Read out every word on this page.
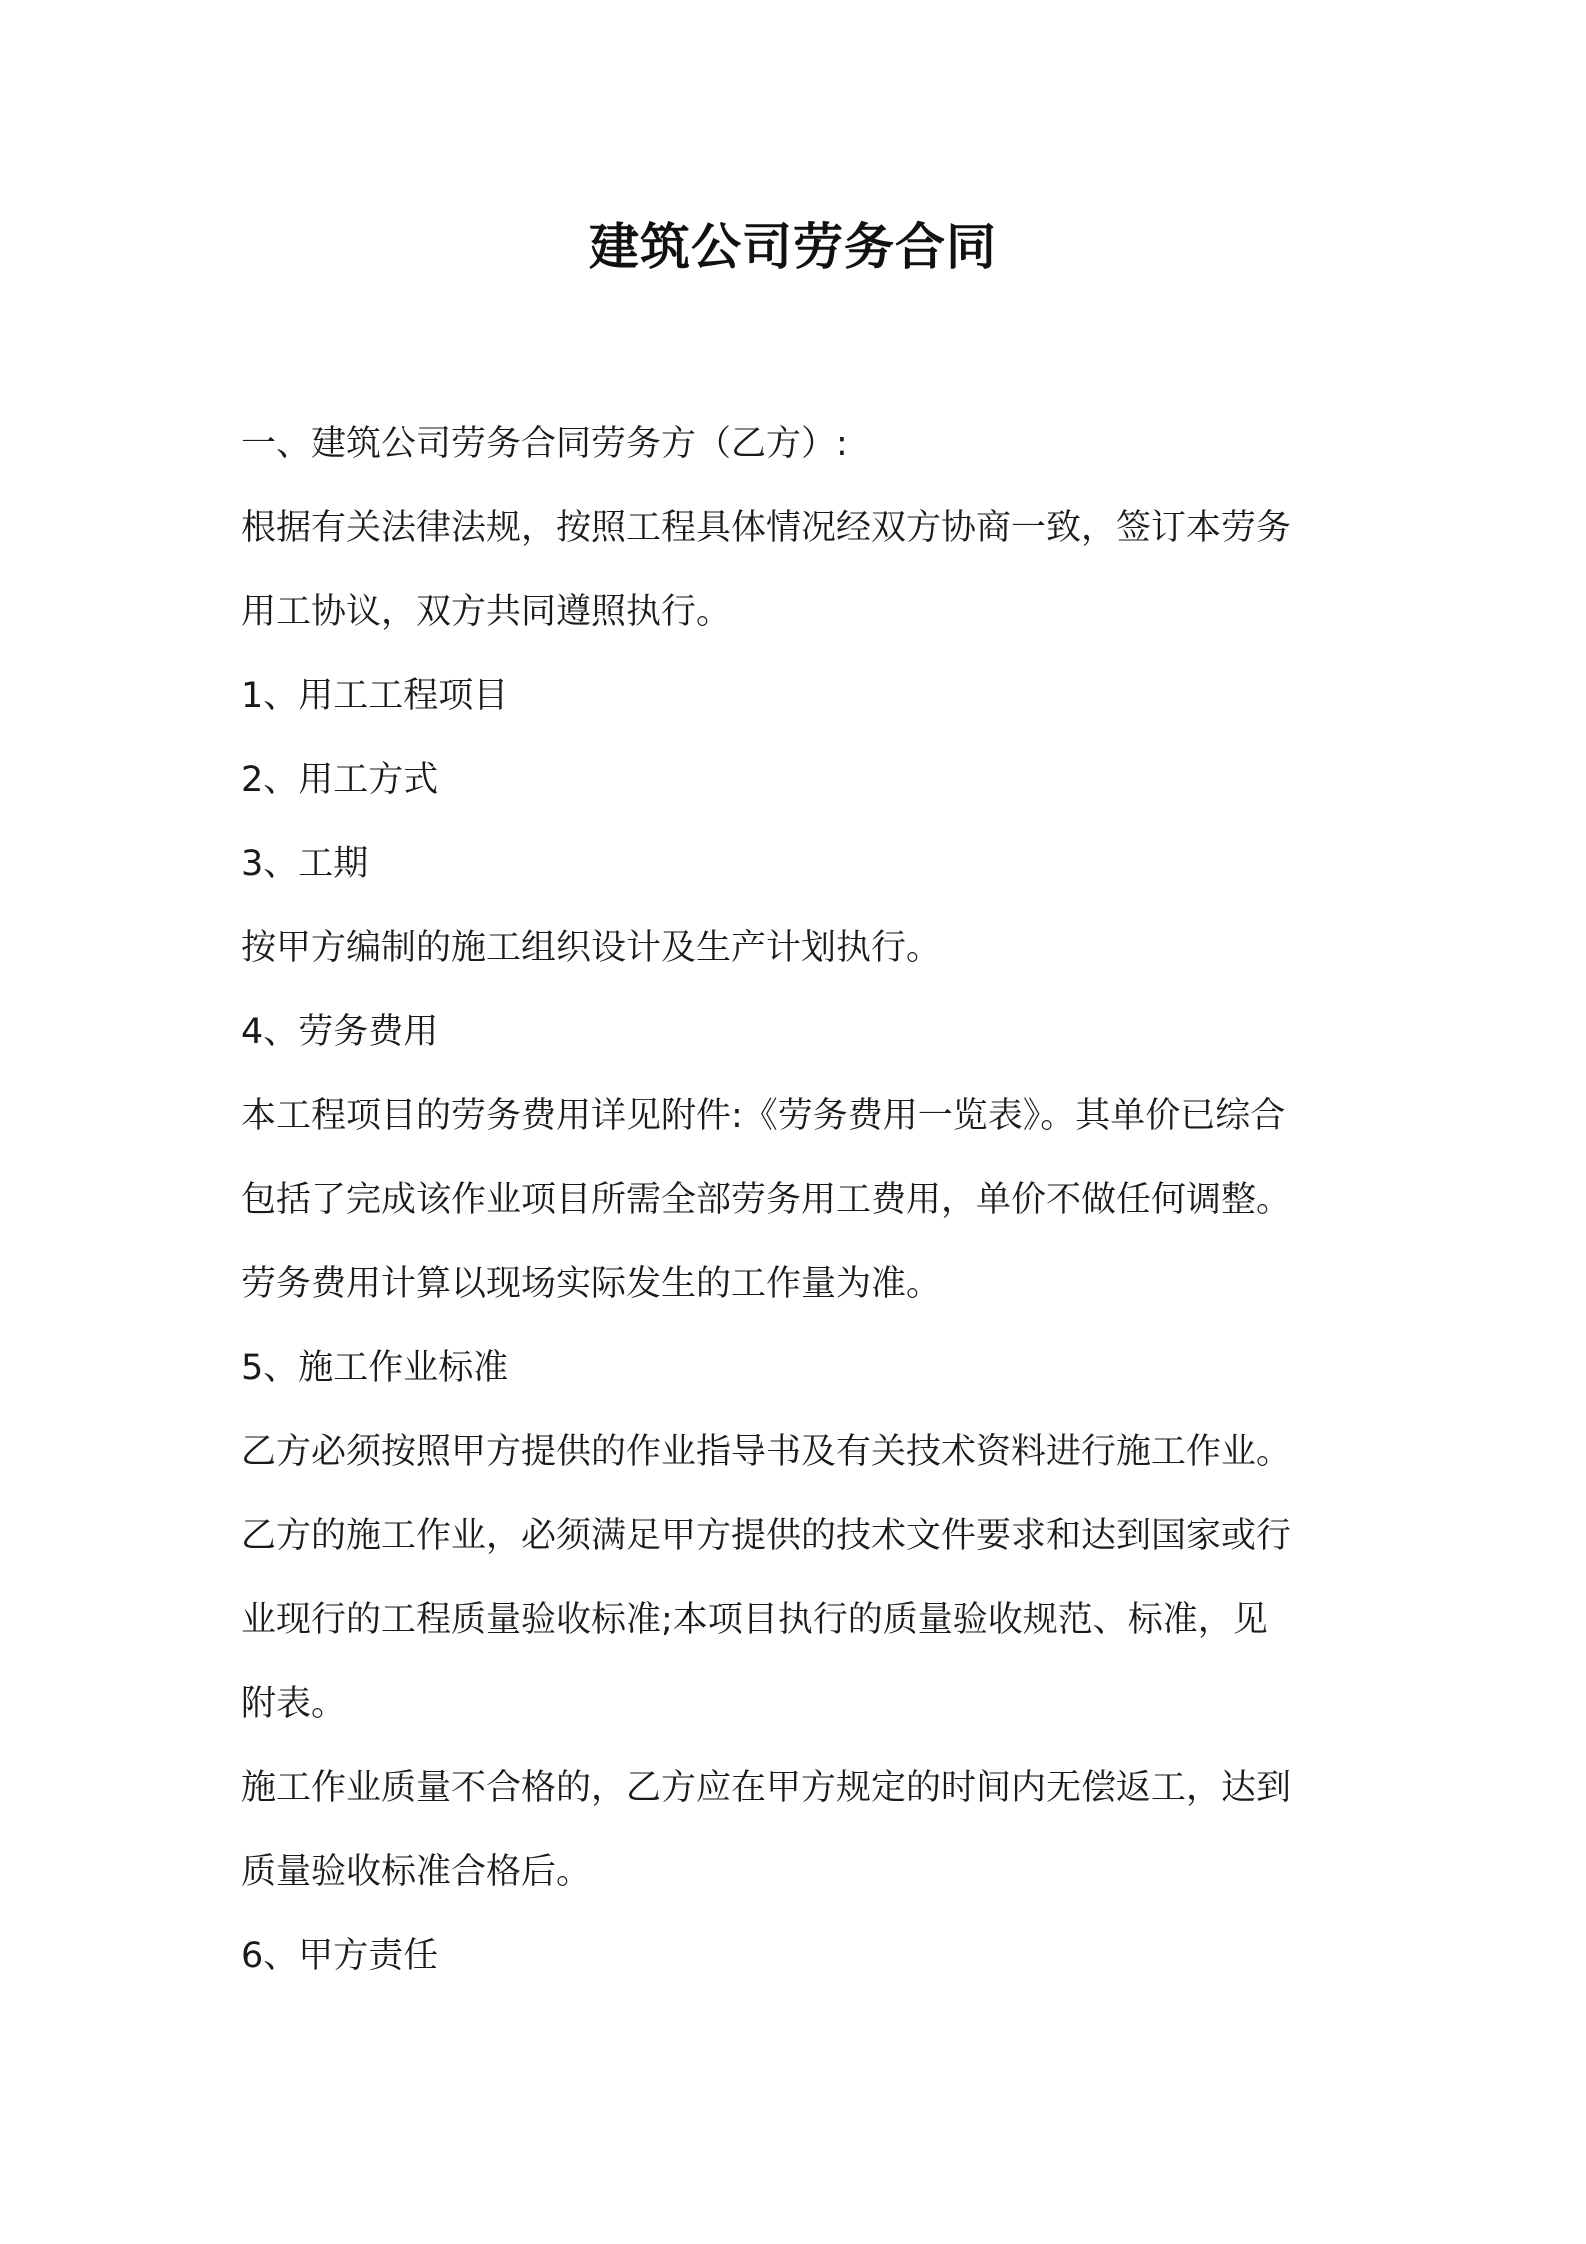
建筑公司劳务合同
一、建筑公司劳务合同劳务方（乙方）:
根据有关法律法规，按照工程具体情况经双方协商一致，签订本劳务
用工协议，双方共同遵照执行。
1、用工工程项目
2、用工方式
3、工期
按甲方编制的施工组织设计及生产计划执行。
4、劳务费用
本工程项目的劳务费用详见附件:《劳务费用一览表》。其单价已综合
包括了完成该作业项目所需全部劳务用工费用，单价不做任何调整。
劳务费用计算以现场实际发生的工作量为准。
5、施工作业标准
乙方必须按照甲方提供的作业指导书及有关技术资料进行施工作业。
乙方的施工作业，必须满足甲方提供的技术文件要求和达到国家或行
业现行的工程质量验收标准;本项目执行的质量验收规范、标准，见
附表。
施工作业质量不合格的，乙方应在甲方规定的时间内无偿返工，达到
质量验收标准合格后。
6、甲方责任
